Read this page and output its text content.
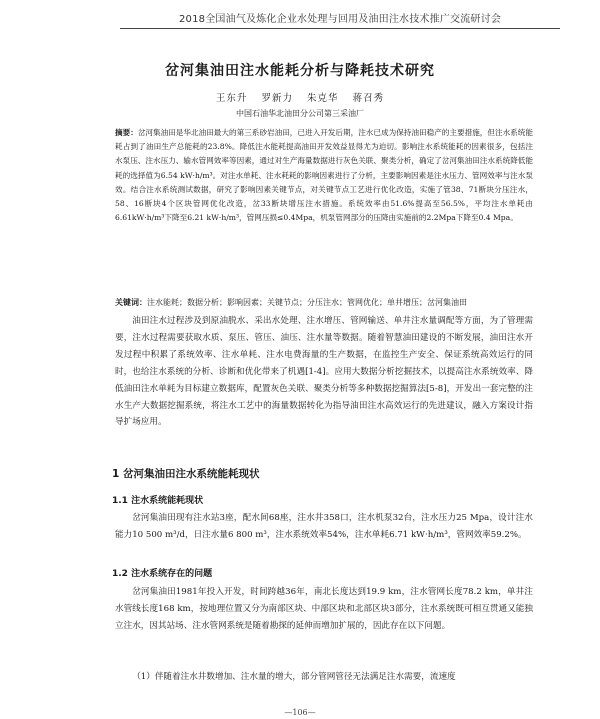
2018全国油气及炼化企业水处理与回用及油田注水技术推广交流研讨会
岔河集油田注水能耗分析与降耗技术研究
王东升 罗新力 朱克华 蒋召秀
中国石油华北油田分公司第三采油厂
摘要：岔河集油田是华北油田最大的第三系砂岩油田，已进入开发后期，注水已成为保持油田稳产的主要措施，但注水系统能耗占到了油田生产总能耗的23.8%。降低注水能耗提高油田开发效益显得尤为迫切。影响注水系统能耗的因素很多，包括注水泵压、注水压力、输水管网效率等因素，通过对生产海量数据进行灰色关联、聚类分析，确定了岔河集油田注水系统降低能耗的选择值为6.54 kW·h/m³。对注水单耗、注水耗耗的影响因素进行了分析，主要影响因素是注水压力、管网效率与注水泵效。结合注水系统测试数据，研究了影响因素关键节点，对关键节点工艺进行优化改造，实施了管38、71断块分压注水，58、16断块4个区块管网优化改造，岔33断块增压注水措施。系统效率由51.6%提高至56.5%，平均注水单耗由6.61kW·h/m³下降至6.21 kW·h/m³，管网压损≤0.4Mpa，机泵管网部分的压降由实施前的2.2Mpa下降至0.4 Mpa。
关键词：注水能耗；数据分析；影响因素；关键节点；分压注水；管网优化；单井增压；岔河集油田
油田注水过程涉及到原油脱水、采出水处理、注水增压、管网输送、单井注水量调配等方面，为了管理需要，注水过程需要获取水质、泵压、管压、油压、注水量等数据。随着智慧油田建设的不断发展，油田注水开发过程中积累了系统效率、注水单耗、注水电费海量的生产数据，在监控生产安全、保证系统高效运行的同时，也给注水系统的分析、诊断和优化带来了机遇[1-4]。应用大数据分析挖掘技术，以提高注水系统效率、降低油田注水单耗为目标建立数据库，配置灰色关联、聚类分析等多种数据挖掘算法[5-8]，开发出一套完整的注水生产大数据挖掘系统，将注水工艺中的海量数据转化为指导油田注水高效运行的先进建议，融入方案设计指导扩场应用。
1 岔河集油田注水系统能耗现状
1.1 注水系统能耗现状
岔河集油田现有注水站3座，配水间68座，注水井358口，注水机泵32台，注水压力25 Mpa，设计注水能力10 500 m³/d，日注水量6 800 m³，注水系统效率54%，注水单耗6.71 kW·h/m³，管网效率59.2%。
1.2 注水系统存在的问题
岔河集油田1981年投入开发，时间跨越36年，南北长度达到19.9 km，注水管网长度78.2 km，单井注水管线长度168 km，按地理位置又分为南部区块、中部区块和北部区块3部分，注水系统既可相互贯通又能独立注水，因其站场、注水管网系统是随着勘探的延伸而增加扩展的，因此存在以下问题。
（1）伴随着注水井数增加、注水量的增大，部分管网管径无法满足注水需要，流速度
—106—
